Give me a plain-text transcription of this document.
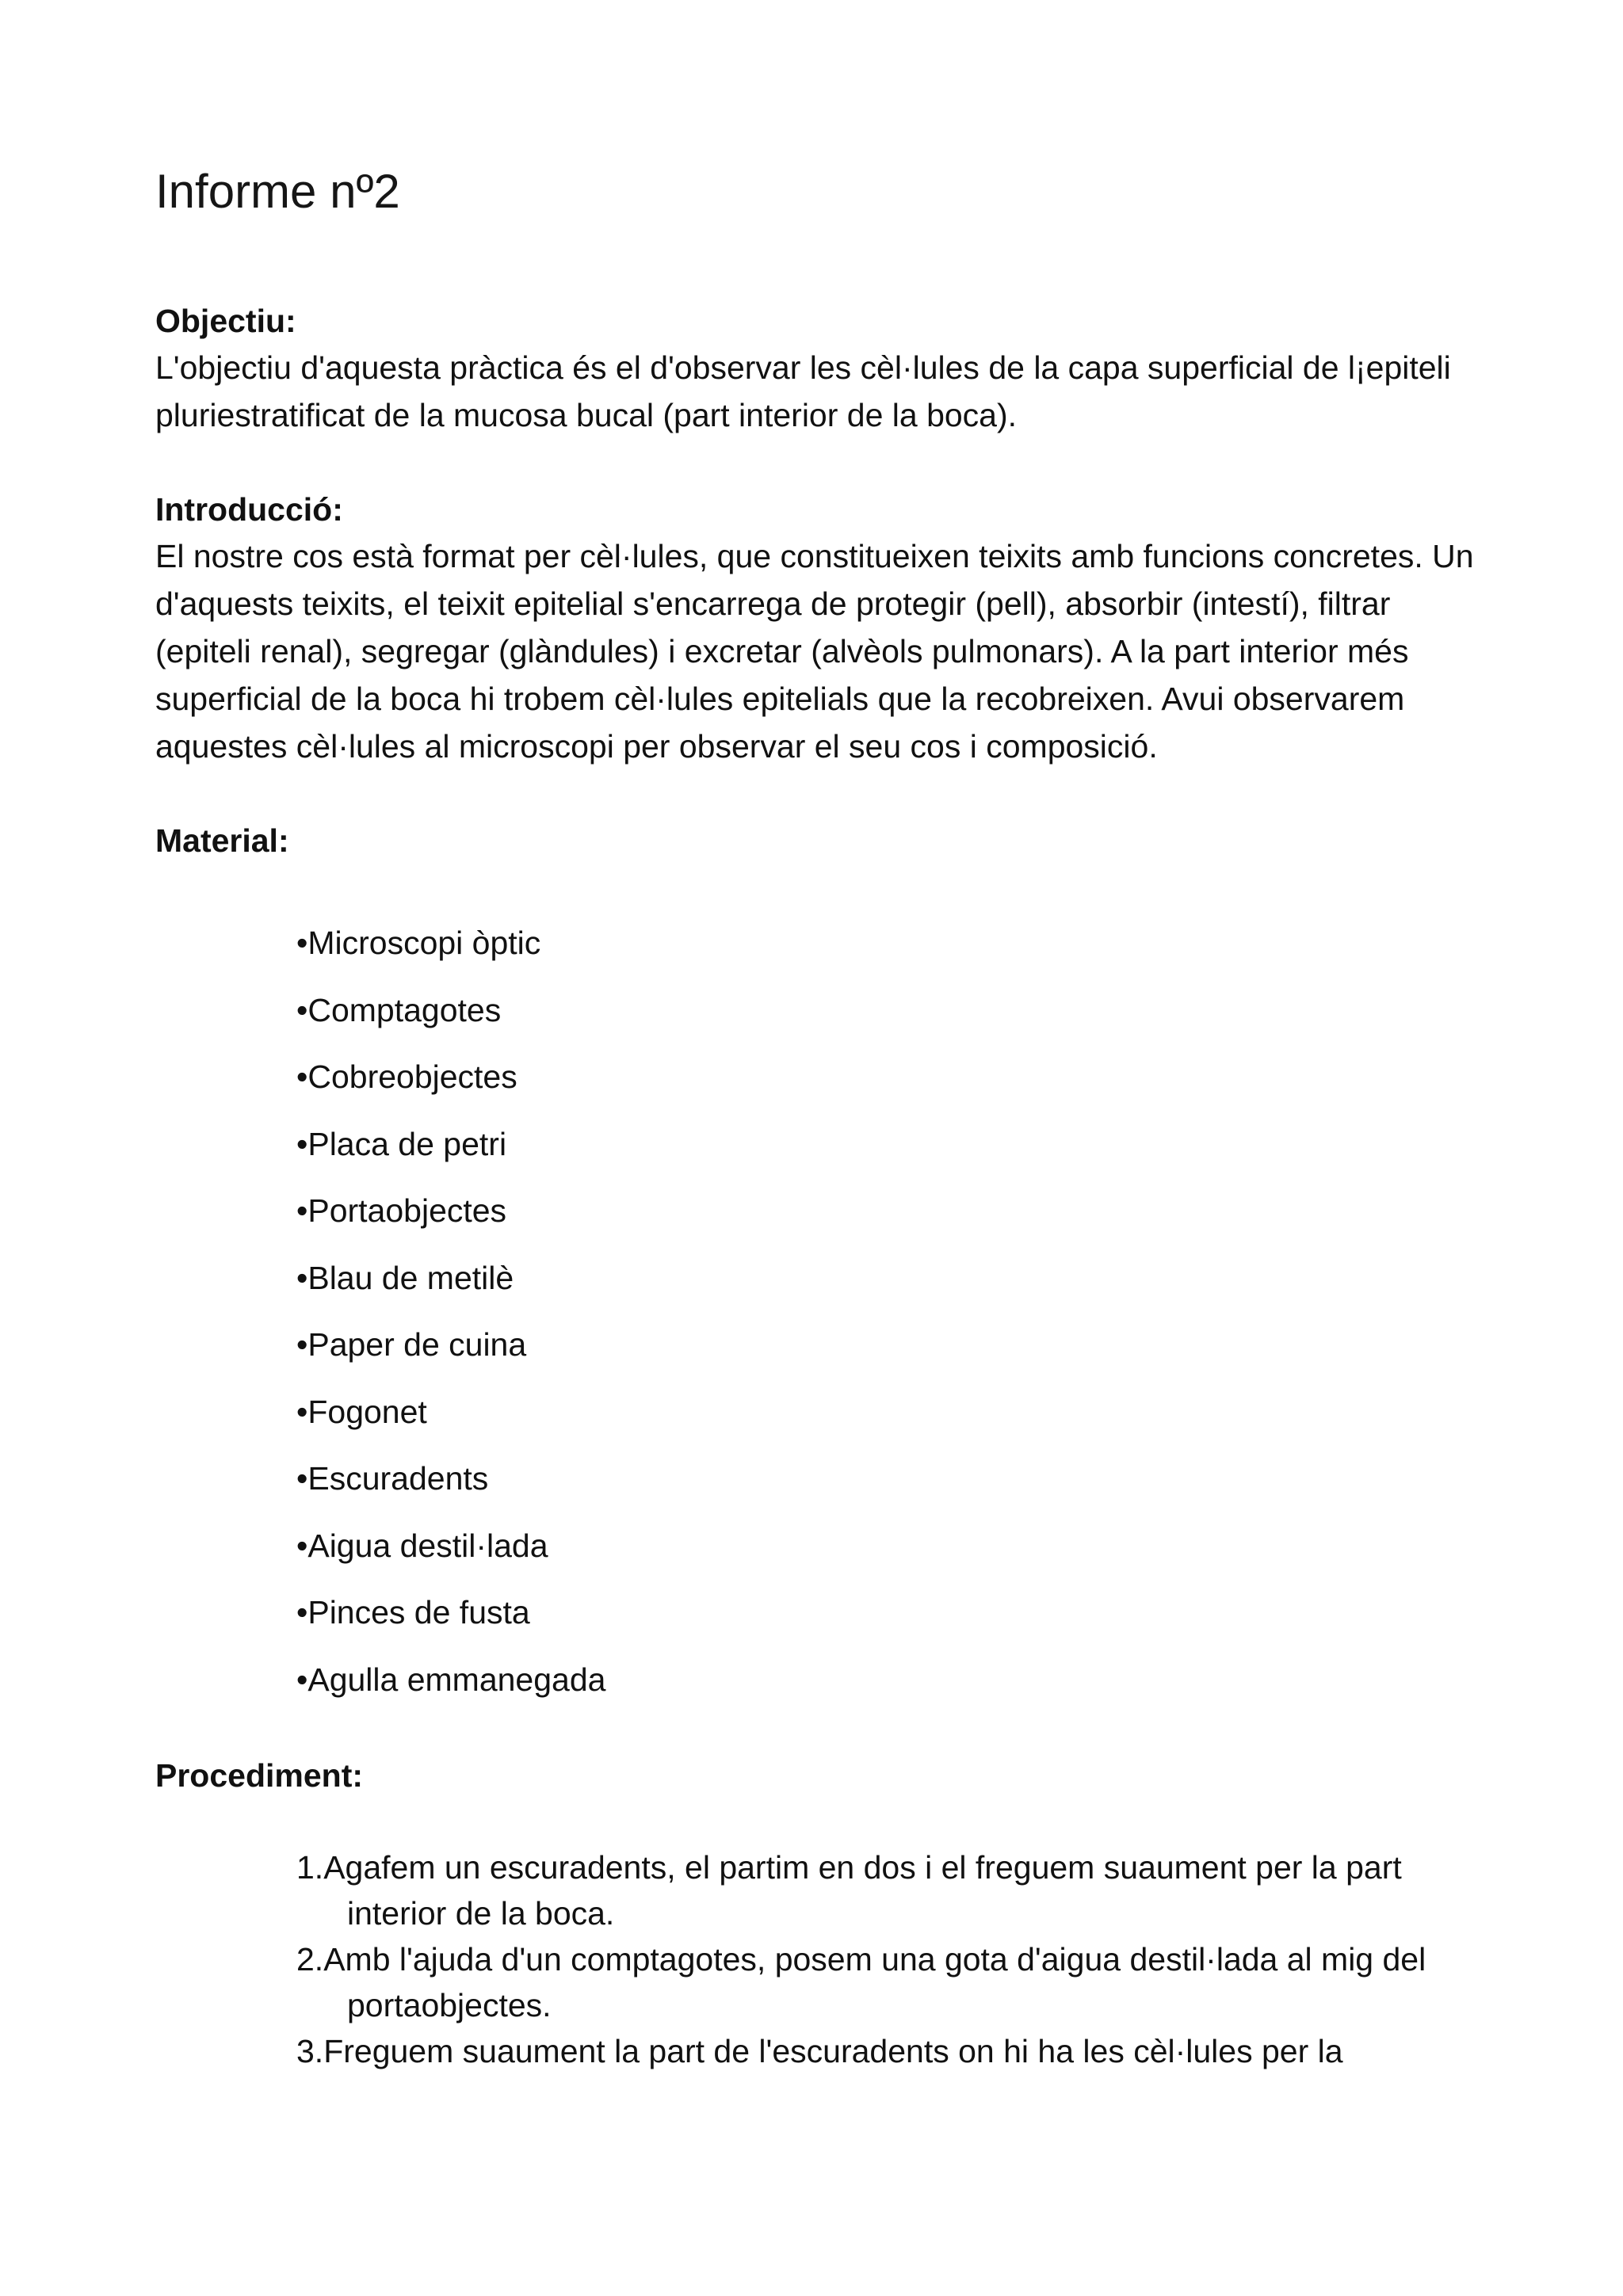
Informe nº2
Objectiu:

L'objectiu d'aquesta pràctica és el d'observar les cèl·lules de la capa superficial de l¡epiteli pluriestratificat de la mucosa bucal (part interior de la boca).

Introducció:

El nostre cos està format per cèl·lules, que constitueixen teixits amb funcions concretes. Un d'aquests teixits, el teixit epitelial s'encarrega de protegir (pell), absorbir (intestí), filtrar (epiteli renal), segregar (glàndules) i excretar (alvèols pulmonars). A la part interior més superficial de la boca hi trobem cèl·lules epitelials que la recobreixen. Avui observarem aquestes cèl·lules al microscopi per observar el seu cos i composició.

Material:
•Microscopi òptic
•Comptagotes
•Cobreobjectes
•Placa de petri
•Portaobjectes
•Blau de metilè
•Paper de cuina
•Fogonet
•Escuradents
•Aigua destil·lada
•Pinces de fusta
•Agulla emmanegada
Procediment:
1.Agafem un escuradents, el partim en dos i el freguem suaument per la part interior de la boca.
2.Amb l'ajuda d'un comptagotes, posem una gota d'aigua destil·lada al mig del portaobjectes.
3.Freguem suaument la part de l'escuradents on hi ha les cèl·lules per la
